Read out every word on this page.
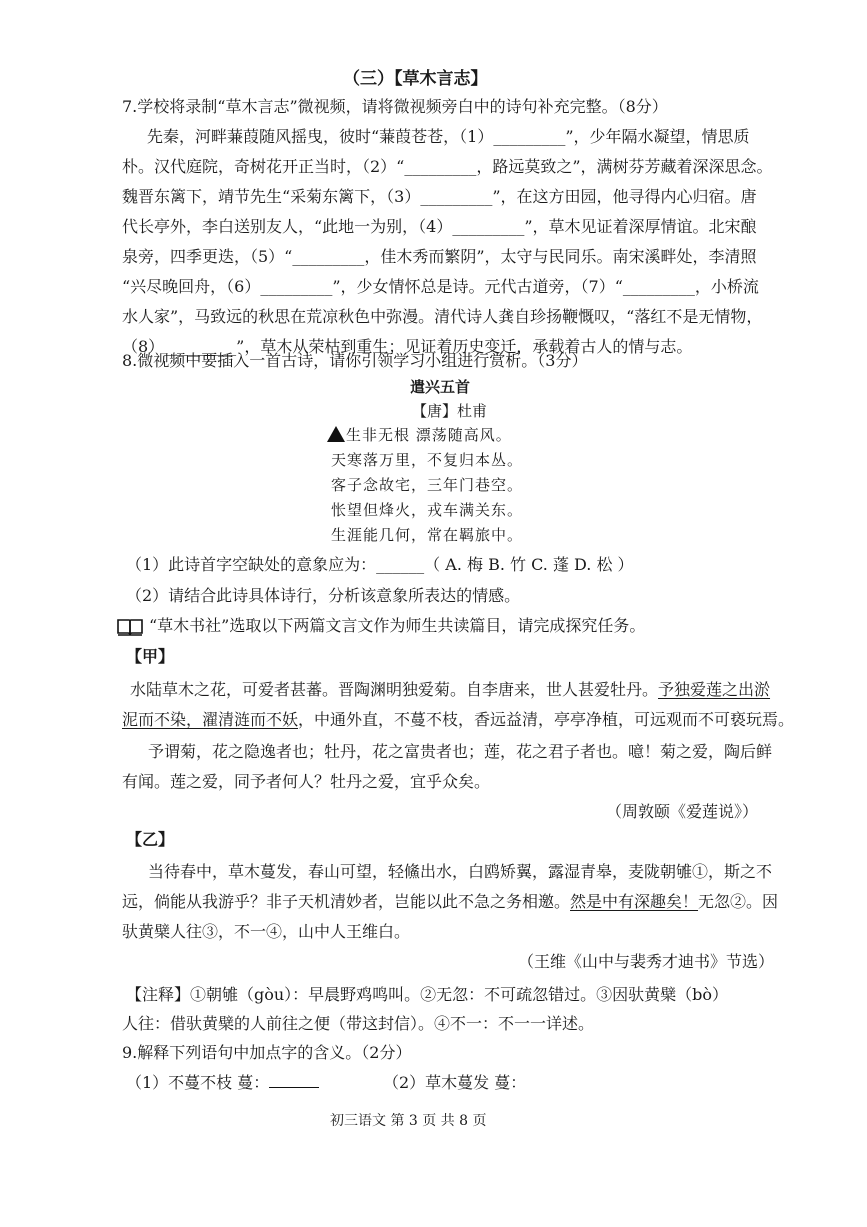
（三）【草木言志】
7.学校将录制“草木言志”微视频，请将微视频旁白中的诗句补充完整。（8分）
先秦，河畔蒹葭随风摇曳，彼时“蒹葭苍苍，（1）_________”，少年隔水凝望，情思质
朴。汉代庭院，奇树花开正当时，（2）“_________，路远莫致之”，满树芬芳藏着深深思念。
魏晋东篱下，靖节先生“采菊东篱下，（3）_________”，在这方田园，他寻得内心归宿。唐
代长亭外，李白送别友人，“此地一为别，（4）_________”，草木见证着深厚情谊。北宋酿
泉旁，四季更迭，（5）“_________，佳木秀而繁阴”，太守与民同乐。南宋溪畔处，李清照
“兴尽晚回舟，（6）_________”，少女情怀总是诗。元代古道旁，（7）“_________，小桥流
水人家”，马致远的秋思在荒凉秋色中弥漫。清代诗人龚自珍扬鞭慨叹，“落红不是无情物，
（8）_________”，草木从荣枯到重生；见证着历史变迁，承载着古人的情与志。
8.微视频中要插入一首古诗，请你引领学习小组进行赏析。（3分）
遣兴五首
【唐】杜甫
生非无根 漂荡随高风。
天寒落万里，不复归本丛。
客子念故宅，三年门巷空。
怅望但烽火，戎车满关东。
生涯能几何，常在羁旅中。
（1）此诗首字空缺处的意象应为：______（ A. 梅 B. 竹 C. 蓬 D. 松 ）
（2）请结合此诗具体诗行，分析该意象所表达的情感。
“草木书社”选取以下两篇文言文作为师生共读篇目，请完成探究任务。
【甲】
水陆草木之花，可爱者甚蕃。晋陶渊明独爱菊。自李唐来，世人甚爱牡丹。予独爱莲之出淤
泥而不染，濯清涟而不妖，中通外直，不蔓不枝，香远益清，亭亭净植，可远观而不可亵玩焉。
予谓菊，花之隐逸者也；牡丹，花之富贵者也；莲，花之君子者也。噫！菊之爱，陶后鲜
有闻。莲之爱，同予者何人？牡丹之爱，宜乎众矣。
（周敦颐《爱莲说》）
【乙】
当待春中，草木蔓发，春山可望，轻鯈出水，白鸥矫翼，露湿青皋，麦陇朝雊①，斯之不
远，倘能从我游乎？非子天机清妙者，岂能以此不急之务相邀。然是中有深趣矣！无忽②。因
驮黄檗人往③，不一④，山中人王维白。
（王维《山中与裴秀才迪书》节选）
【注释】①朝雊（gòu）：早晨野鸡鸣叫。②无忽：不可疏忽错过。③因驮黄檗（bò）
人往：借驮黄檗的人前往之便（带这封信）。④不一：不一一详述。
9.解释下列语句中加点字的含义。（2分）
（1）不蔓不枝 蔓：	（2）草木蔓发 蔓：
初三语文 第 3 页 共 8 页
